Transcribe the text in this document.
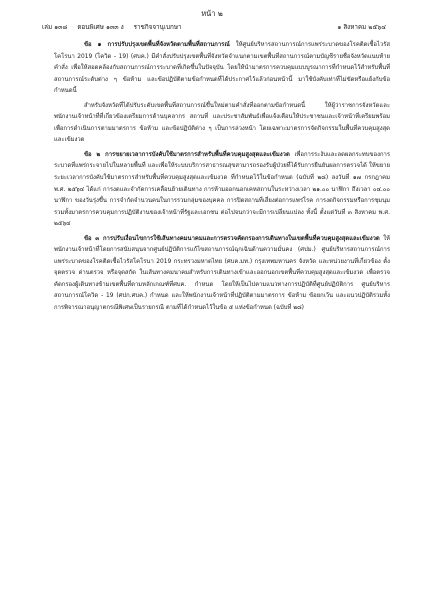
หน้า ๒
เล่ม ๑๓๘ ตอนพิเศษ ๑๓๓ ง ราชกิจจานุเบกษา	๑ สิงหาคม ๒๕๖๔

ข้อ ๑ การปรับปรุงเขตพื้นที่จังหวัดตามพื้นที่สถานการณ์ ให้ศูนย์บริหารสถานการณ์การแพร่ระบาดของโรคติดเชื้อไวรัสโคโรนา 2019 (โควิด - 19) (ศบค.) มีคำสั่งปรับปรุงเขตพื้นที่จังหวัดจำแนกตามเขตพื้นที่สถานการณ์ตามบัญชีรายชื่อจังหวัดแนบท้ายคำสั่ง เพื่อให้สอดคล้องกับสถานการณ์การระบาดที่เกิดขึ้นในปัจจุบัน โดยให้นำมาตรการควบคุมแบบบูรณาการที่กำหนดไว้สำหรับพื้นที่สถานการณ์ระดับต่าง ๆ ข้อห้าม และข้อปฏิบัติตามข้อกำหนดที่ได้ประกาศไว้แล้วก่อนหน้านี้ มาใช้บังคับเท่าที่ไม่ขัดหรือแย้งกับข้อกำหนดนี้

สำหรับจังหวัดที่ได้ปรับระดับเขตพื้นที่สถานการณ์ขึ้นใหม่ตามคำสั่งที่ออกตามข้อกำหนดนี้ ให้ผู้ว่าราชการจังหวัดและพนักงานเจ้าหน้าที่ที่เกี่ยวข้องเตรียมการด้านบุคลากร สถานที่ และประชาสัมพันธ์เพื่อแจ้งเตือนให้ประชาชนและเจ้าหน้าที่เตรียมพร้อมเพื่อการดำเนินการตามมาตรการ ข้อห้าม และข้อปฏิบัติต่าง ๆ เป็นการล่วงหน้า โดยเฉพาะมาตรการจัดกิจกรรมในพื้นที่ควบคุมสูงสุดและเข้มงวด

ข้อ ๒ การขยายเวลาการบังคับใช้มาตรการสำหรับพื้นที่ควบคุมสูงสุดและเข้มงวด เพื่อการระงับและลดผลกระทบของการระบาดที่แพร่กระจายไปในหลายพื้นที่ และเพื่อให้ระบบบริการสาธารณสุขสามารถรองรับผู้ป่วยที่ได้รับการยืนยันผลการตรวจได้ ให้ขยายระยะเวลาการบังคับใช้มาตรการสำหรับพื้นที่ควบคุมสูงสุดและเข้มงวด ที่กำหนดไว้ในข้อกำหนด (ฉบับที่ ๒๘) ลงวันที่ ๑๗ กรกฎาคม พ.ศ. ๒๕๖๔ ได้แก่ การงดและจำกัดการเคลื่อนย้ายเดินทาง การห้ามออกนอกเคหสถานในระหว่างเวลา ๒๑.๐๐ นาฬิกา ถึงเวลา ๐๔.๐๐ นาฬิกา ของวันรุ่งขึ้น การจำกัดจำนวนคนในการรวมกลุ่มของบุคคล การปิดสถานที่เสี่ยงต่อการแพร่โรค การงดกิจกรรมหรือการชุมนุม รวมทั้งมาตรการควบคุมการปฏิบัติงานของเจ้าหน้าที่รัฐและเอกชน ต่อไปจนกว่าจะมีการเปลี่ยนแปลง ทั้งนี้ ตั้งแต่วันที่ ๓ สิงหาคม พ.ศ. ๒๕๖๔

ข้อ ๓ การปรับเงื่อนไขการใช้เส้นทางคมนาคมและการตรวจคัดกรองการเดินทางในเขตพื้นที่ควบคุมสูงสุดและเข้มงวด ให้พนักงานเจ้าหน้าที่โดยการสนับสนุนจากศูนย์ปฏิบัติการแก้ไขสถานการณ์ฉุกเฉินด้านความมั่นคง (ศปม.) ศูนย์บริหารสถานการณ์การแพร่ระบาดของโรคติดเชื้อไวรัสโคโรนา 2019 กระทรวงมหาดไทย (ศบค.มท.) กรุงเทพมหานคร จังหวัด และหน่วยงานที่เกี่ยวข้อง ตั้งจุดตรวจ ด่านตรวจ หรือจุดสกัด ในเส้นทางคมนาคมสำหรับการเดินทางเข้าและออกนอกเขตพื้นที่ควบคุมสูงสุดและเข้มงวด เพื่อตรวจคัดกรองผู้เดินทางข้ามเขตพื้นที่ตามหลักเกณฑ์ที่ศบค. กำหนด โดยให้เป็นไปตามแนวทางการปฏิบัติที่ศูนย์ปฏิบัติการ ศูนย์บริหารสถานการณ์โควิด - 19 (ศปก.ศบค.) กำหนด และให้พนักงานเจ้าหน้าที่ปฏิบัติตามมาตรการ ข้อห้าม ข้อยกเว้น และแนวปฏิบัติรวมทั้งการพิจารณาอนุญาตกรณีพิเศษเป็นรายกรณี ตามที่ได้กำหนดไว้ในข้อ ๕ แห่งข้อกำหนด (ฉบับที่ ๒๘)
